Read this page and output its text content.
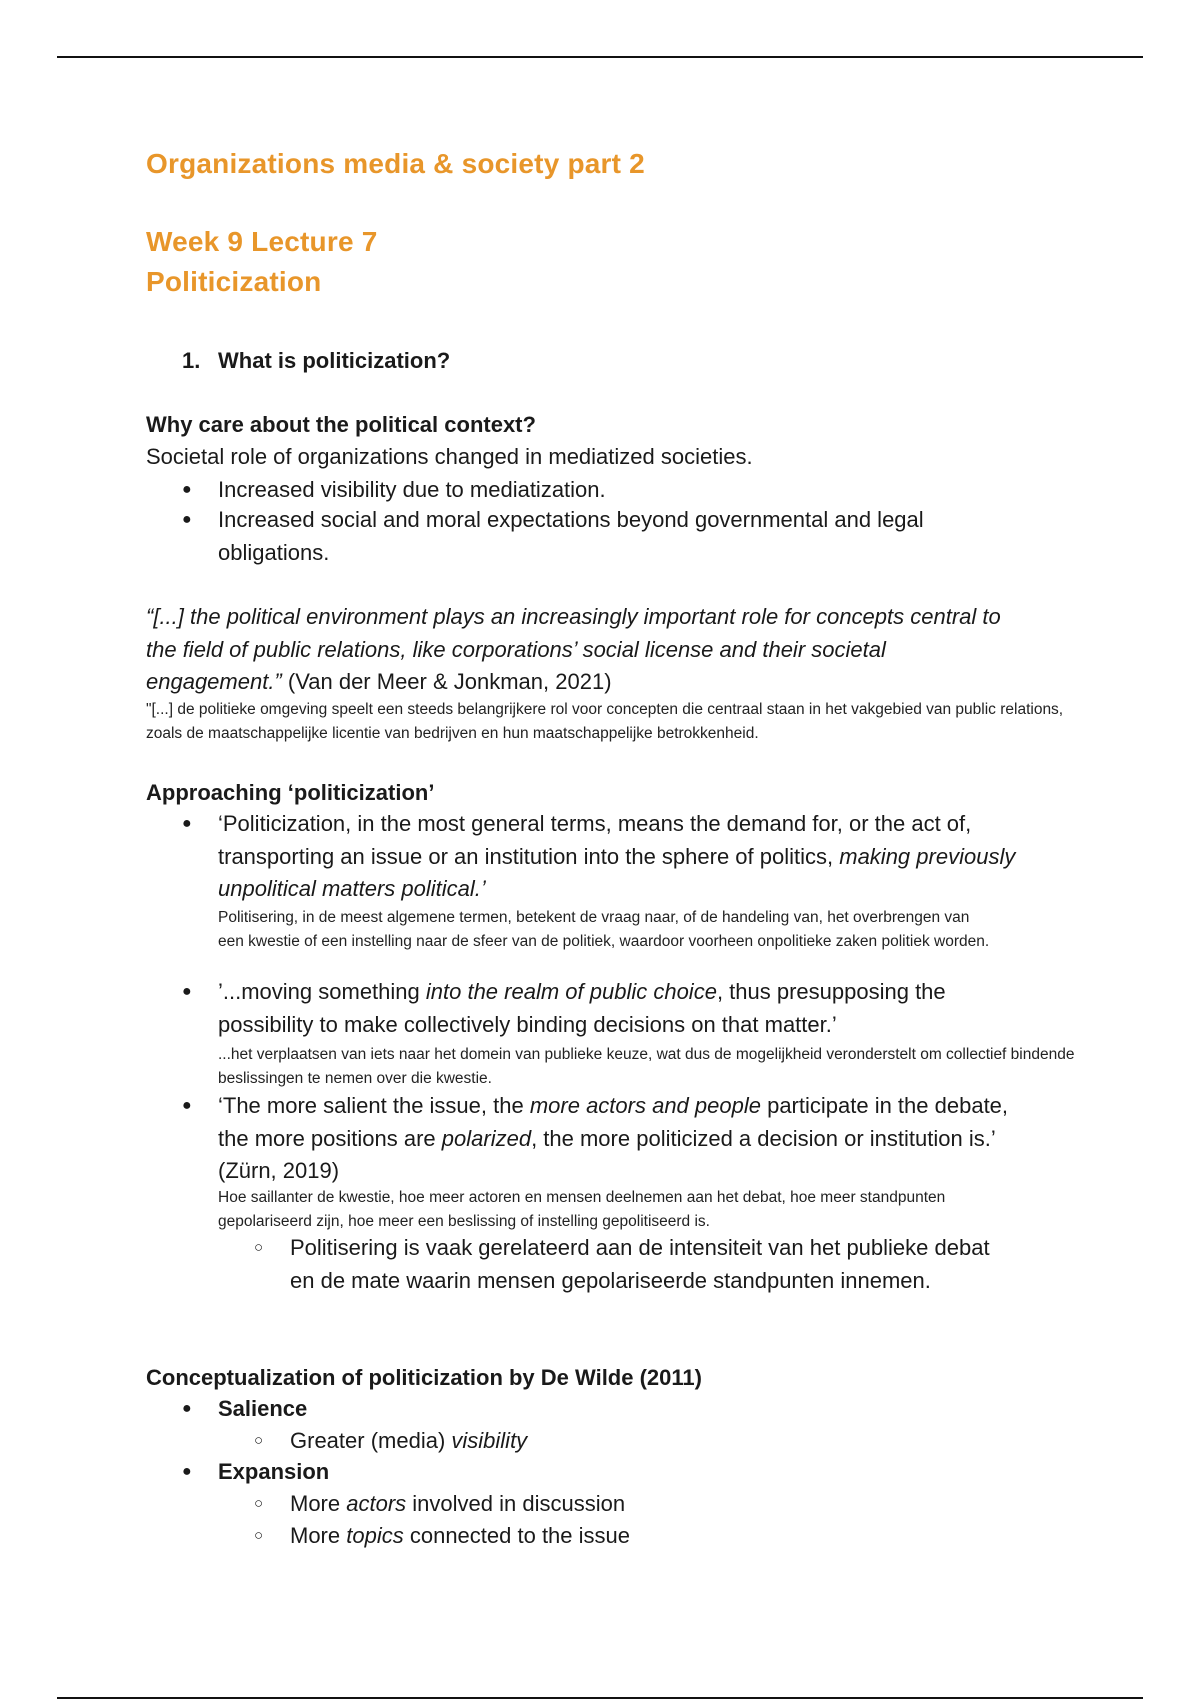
Organizations media & society part 2
Week 9 Lecture 7
Politicization
1. What is politicization?
Why care about the political context?
Societal role of organizations changed in mediatized societies.
● Increased visibility due to mediatization.
● Increased social and moral expectations beyond governmental and legal obligations.
“[...] the political environment plays an increasingly important role for concepts central to the field of public relations, like corporations’ social license and their societal engagement.” (Van der Meer & Jonkman, 2021)
"[...] de politieke omgeving speelt een steeds belangrijkere rol voor concepten die centraal staan in het vakgebied van public relations, zoals de maatschappelijke licentie van bedrijven en hun maatschappelijke betrokkenheid.
Approaching ‘politicization’
● ‘Politicization, in the most general terms, means the demand for, or the act of, transporting an issue or an institution into the sphere of politics, making previously unpolitical matters political.’
Politisering, in de meest algemene termen, betekent de vraag naar, of de handeling van, het overbrengen van een kwestie of een instelling naar de sfeer van de politiek, waardoor voorheen onpolitieke zaken politiek worden.
● ’...moving something into the realm of public choice, thus presupposing the possibility to make collectively binding decisions on that matter.’
...het verplaatsen van iets naar het domein van publieke keuze, wat dus de mogelijkheid veronderstelt om collectief bindende beslissingen te nemen over die kwestie.
● ‘The more salient the issue, the more actors and people participate in the debate, the more positions are polarized, the more politicized a decision or institution is.’ (Zürn, 2019)
Hoe saillanter de kwestie, hoe meer actoren en mensen deelnemen aan het debat, hoe meer standpunten gepolariseerd zijn, hoe meer een beslissing of instelling gepolitiseerd is.
○ Politisering is vaak gerelateerd aan de intensiteit van het publieke debat en de mate waarin mensen gepolariseerde standpunten innemen.
Conceptualization of politicization by De Wilde (2011)
● Salience
○ Greater (media) visibility
● Expansion
○ More actors involved in discussion
○ More topics connected to the issue
